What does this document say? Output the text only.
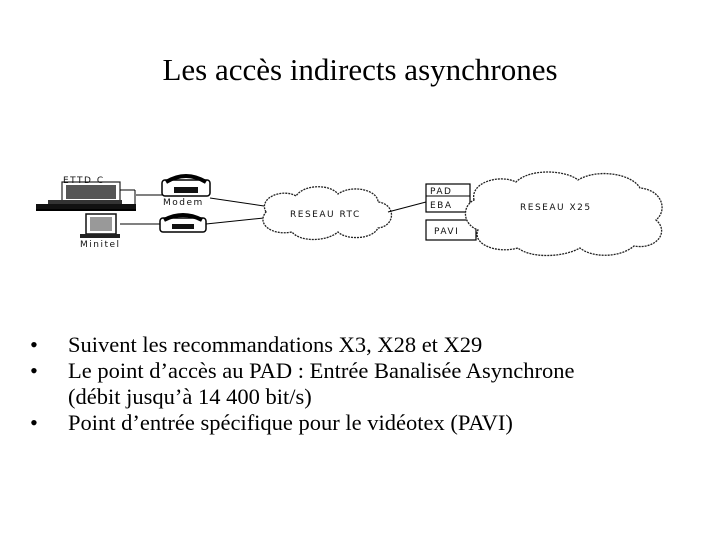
Les accès indirects asynchrones
ETTD C
Minitel
Modem
RESEAU RTC
PAD
EBA
PAVI
RESEAU X25
• Suivent les recommandations X3, X28 et X29
• Le point d’accès au PAD : Entrée Banalisée Asynchrone
(débit jusqu’à 14 400 bit/s)
• Point d’entrée spécifique pour le vidéotex (PAVI)
